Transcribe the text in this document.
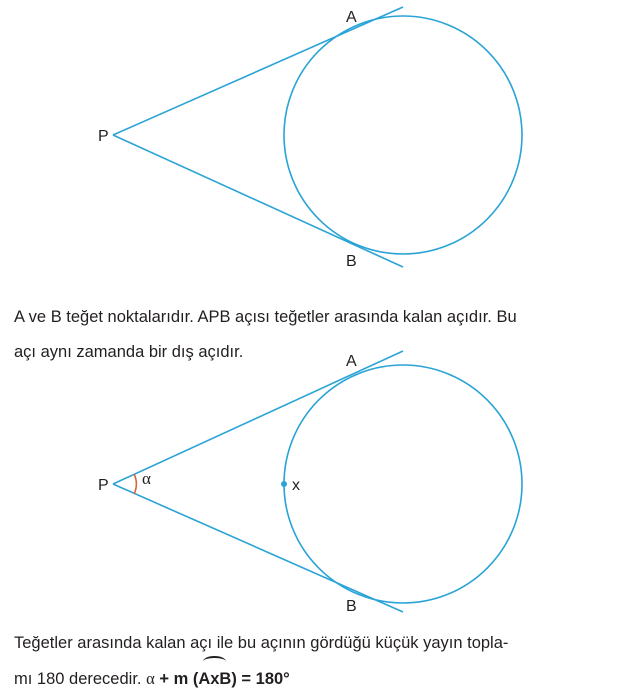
P
A
B

A ve B teğet noktalarıdır. APB açısı teğetler arasında kalan açıdır. Bu
açı aynı zamanda bir dış açıdır.

P
A
B
x
α

Teğetler arasında kalan açı ile bu açının gördüğü küçük yayın topla-
mı 180 derecedir. α + m (AxB) = 180°
